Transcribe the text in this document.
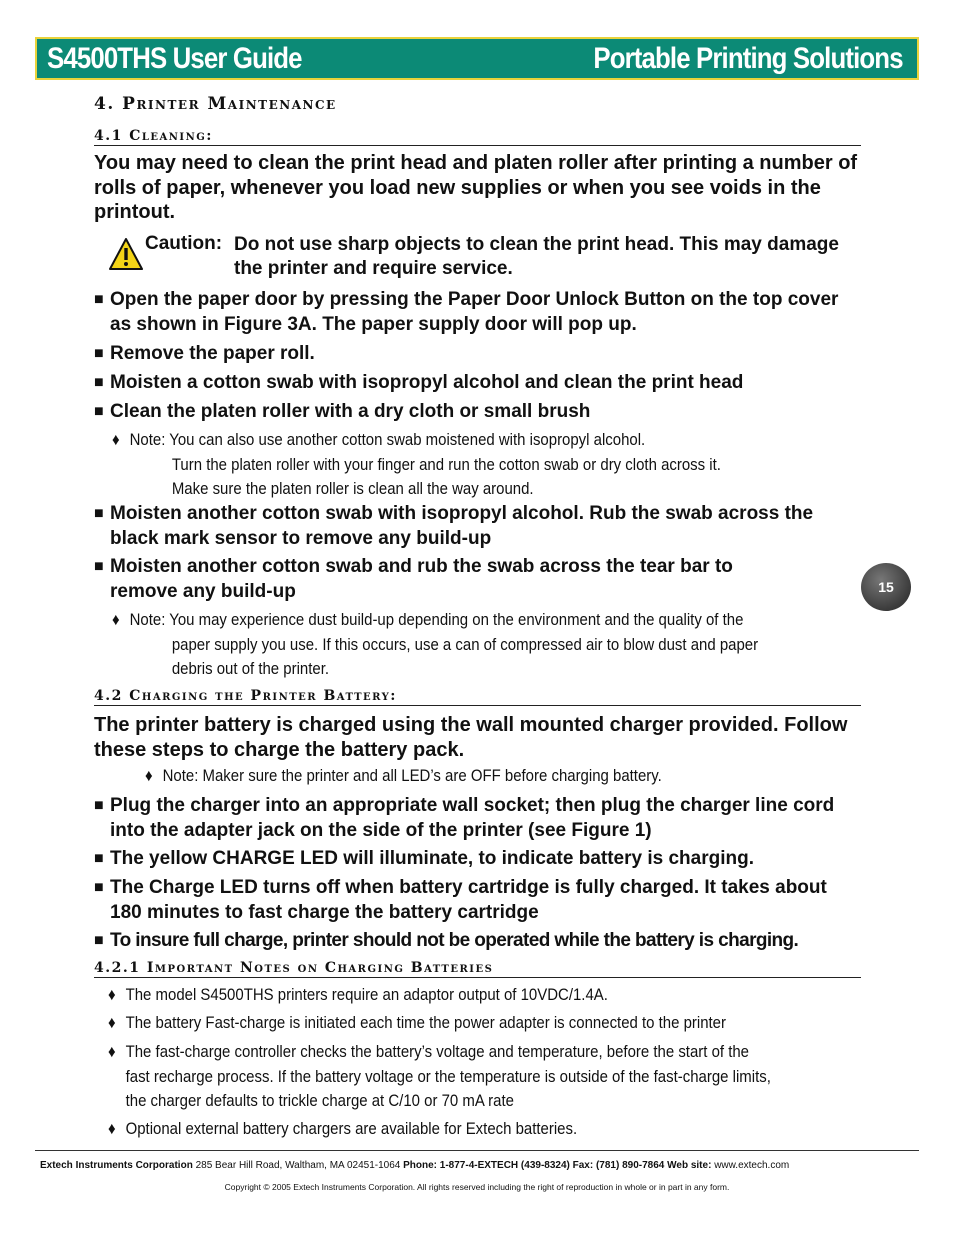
S4500THS User Guide	Portable Printing Solutions
4. Printer Maintenance
4.1 Cleaning:
You may need to clean the print head and platen roller after printing a number of rolls of paper, whenever you load new supplies or when you see voids in the printout.
Caution: Do not use sharp objects to clean the print head. This may damage the printer and require service.
■ Open the paper door by pressing the Paper Door Unlock Button on the top cover as shown in Figure 3A. The paper supply door will pop up.
■ Remove the paper roll.
■ Moisten a cotton swab with isopropyl alcohol and clean the print head
■ Clean the platen roller with a dry cloth or small brush
♦ Note: You can also use another cotton swab moistened with isopropyl alcohol.
Turn the platen roller with your finger and run the cotton swab or dry cloth across it.
Make sure the platen roller is clean all the way around.
■ Moisten another cotton swab with isopropyl alcohol. Rub the swab across the black mark sensor to remove any build-up
■ Moisten another cotton swab and rub the swab across the tear bar to remove any build-up
♦ Note: You may experience dust build-up depending on the environment and the quality of the
paper supply you use. If this occurs, use a can of compressed air to blow dust and paper
debris out of the printer.
15
4.2 Charging the Printer Battery:
The printer battery is charged using the wall mounted charger provided. Follow these steps to charge the battery pack.
♦ Note: Maker sure the printer and all LED’s are OFF before charging battery.
■ Plug the charger into an appropriate wall socket; then plug the charger line cord into the adapter jack on the side of the printer (see Figure 1)
■ The yellow CHARGE LED will illuminate, to indicate battery is charging.
■ The Charge LED turns off when battery cartridge is fully charged. It takes about 180 minutes to fast charge the battery cartridge
■ To insure full charge, printer should not be operated while the battery is charging.
4.2.1 Important Notes on Charging Batteries
♦ The model S4500THS printers require an adaptor output of 10VDC/1.4A.
♦ The battery Fast-charge is initiated each time the power adapter is connected to the printer
♦ The fast-charge controller checks the battery’s voltage and temperature, before the start of the fast recharge process. If the battery voltage or the temperature is outside of the fast-charge limits, the charger defaults to trickle charge at C/10 or 70 mA rate
♦ Optional external battery chargers are available for Extech batteries.
Extech Instruments Corporation 285 Bear Hill Road, Waltham, MA 02451-1064 Phone: 1-877-4-EXTECH (439-8324) Fax: (781) 890-7864 Web site: www.extech.com
Copyright © 2005 Extech Instruments Corporation. All rights reserved including the right of reproduction in whole or in part in any form.
